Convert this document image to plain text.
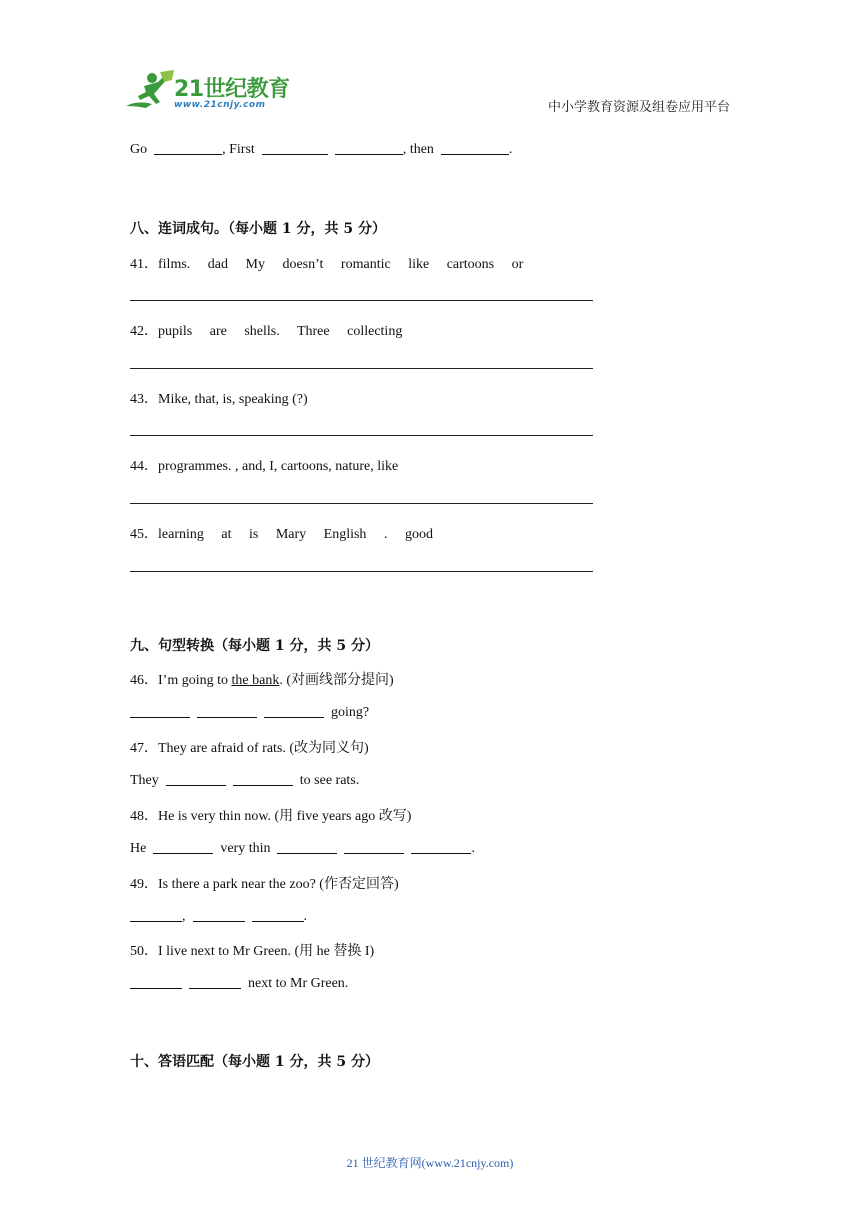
21世纪教育
www.21cnjy.com	中小学教育资源及组卷应用平台
Go	, First	, then	.
八、连词成句。（每小题 1 分，共 5 分）
41．films. dad My doesn’t romantic like cartoons or
42．pupils are shells. Three collecting
43．Mike, that, is, speaking (?)
44．programmes. , and, I, cartoons, nature, like
45．learning at is Mary English . good
九、句型转换（每小题 1 分，共 5 分）
46．I’m going to the bank. (对画线部分提问)
going?
47．They are afraid of rats. (改为同义句)
They	to see rats.
48．He is very thin now. (用 five years ago 改写)
He	very thin	.
49．Is there a park near the zoo? (作否定回答)
,	.
50．I live next to Mr Green. (用 he 替换 I)
next to Mr Green.
十、答语匹配（每小题 1 分，共 5 分）
21 世纪教育网(www.21cnjy.com)
